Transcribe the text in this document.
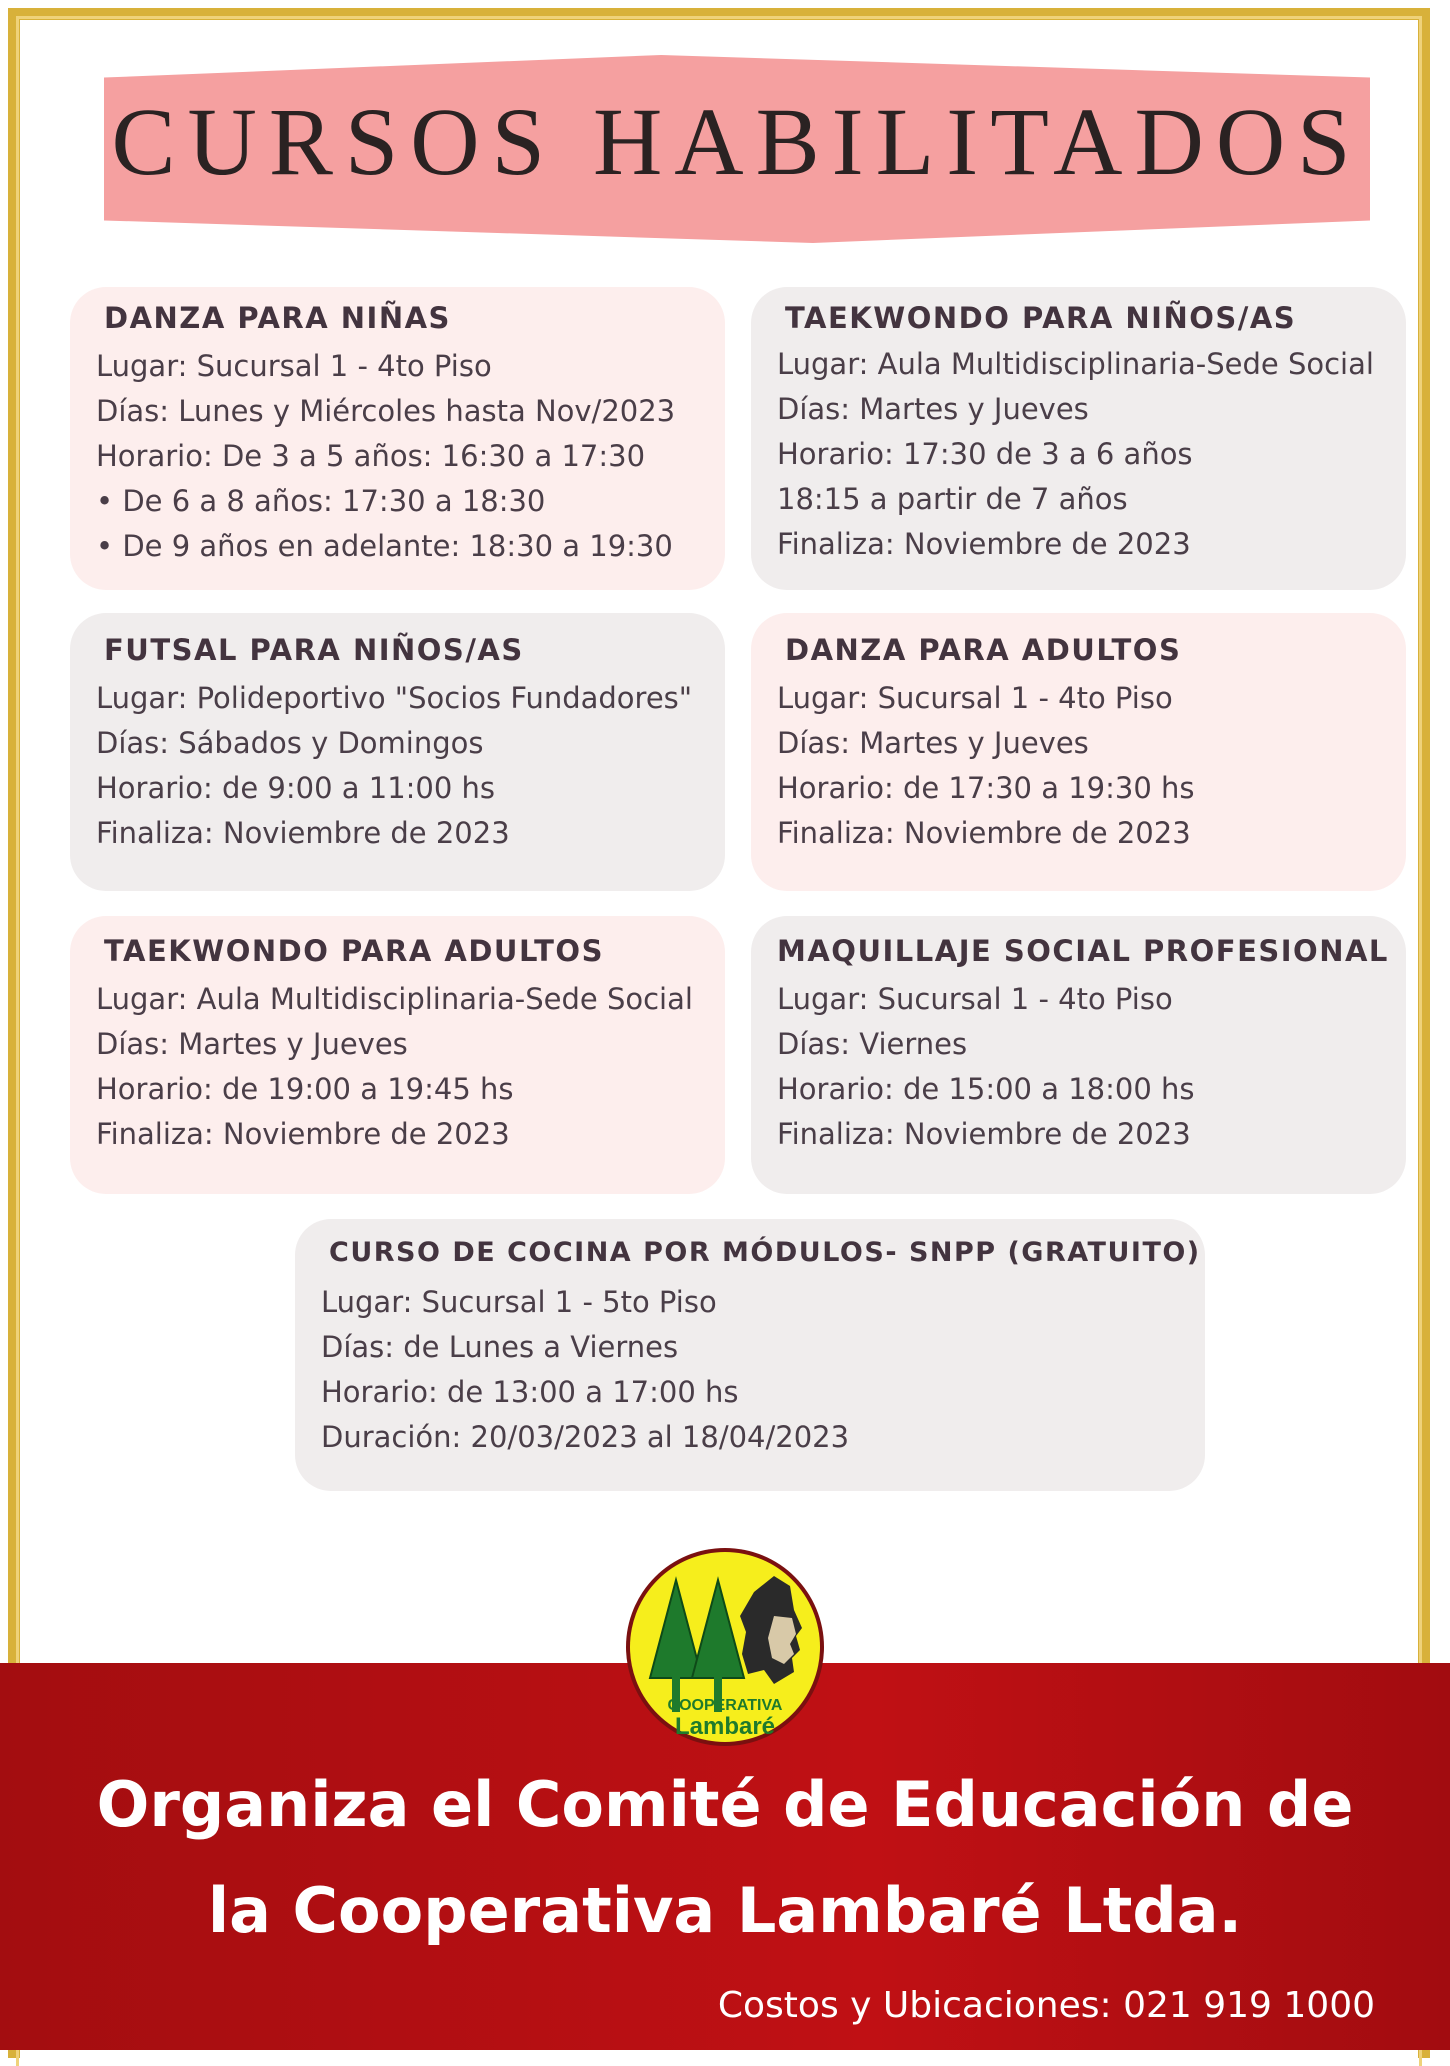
CURSOS HABILITADOS
DANZA PARA NIÑAS
Lugar: Sucursal 1 - 4to Piso
Días: Lunes y Miércoles hasta Nov/2023
Horario: De 3 a 5 años: 16:30 a 17:30
• De 6 a 8 años: 17:30 a 18:30
• De 9 años en adelante: 18:30 a 19:30
TAEKWONDO PARA NIÑOS/AS
Lugar: Aula Multidisciplinaria-Sede Social
Días: Martes y Jueves
Horario: 17:30 de 3 a 6 años
18:15 a partir de 7 años
Finaliza: Noviembre de 2023
FUTSAL PARA NIÑOS/AS
Lugar: Polideportivo "Socios Fundadores"
Días: Sábados y Domingos
Horario: de 9:00 a 11:00 hs
Finaliza: Noviembre de 2023
DANZA PARA ADULTOS
Lugar: Sucursal 1 - 4to Piso
Días: Martes y Jueves
Horario: de 17:30 a 19:30 hs
Finaliza: Noviembre de 2023
TAEKWONDO PARA ADULTOS
Lugar: Aula Multidisciplinaria-Sede Social
Días: Martes y Jueves
Horario: de 19:00 a 19:45 hs
Finaliza: Noviembre de 2023
MAQUILLAJE SOCIAL PROFESIONAL
Lugar: Sucursal 1 - 4to Piso
Días: Viernes
Horario: de 15:00 a 18:00 hs
Finaliza: Noviembre de 2023
CURSO DE COCINA POR MÓDULOS- SNPP (GRATUITO)
Lugar: Sucursal 1 - 5to Piso
Días: de Lunes a Viernes
Horario: de 13:00 a 17:00 hs
Duración: 20/03/2023 al 18/04/2023
COOPERATIVA
Lambaré
Organiza el Comité de Educación de
la Cooperativa Lambaré Ltda.
Costos y Ubicaciones: 021 919 1000
